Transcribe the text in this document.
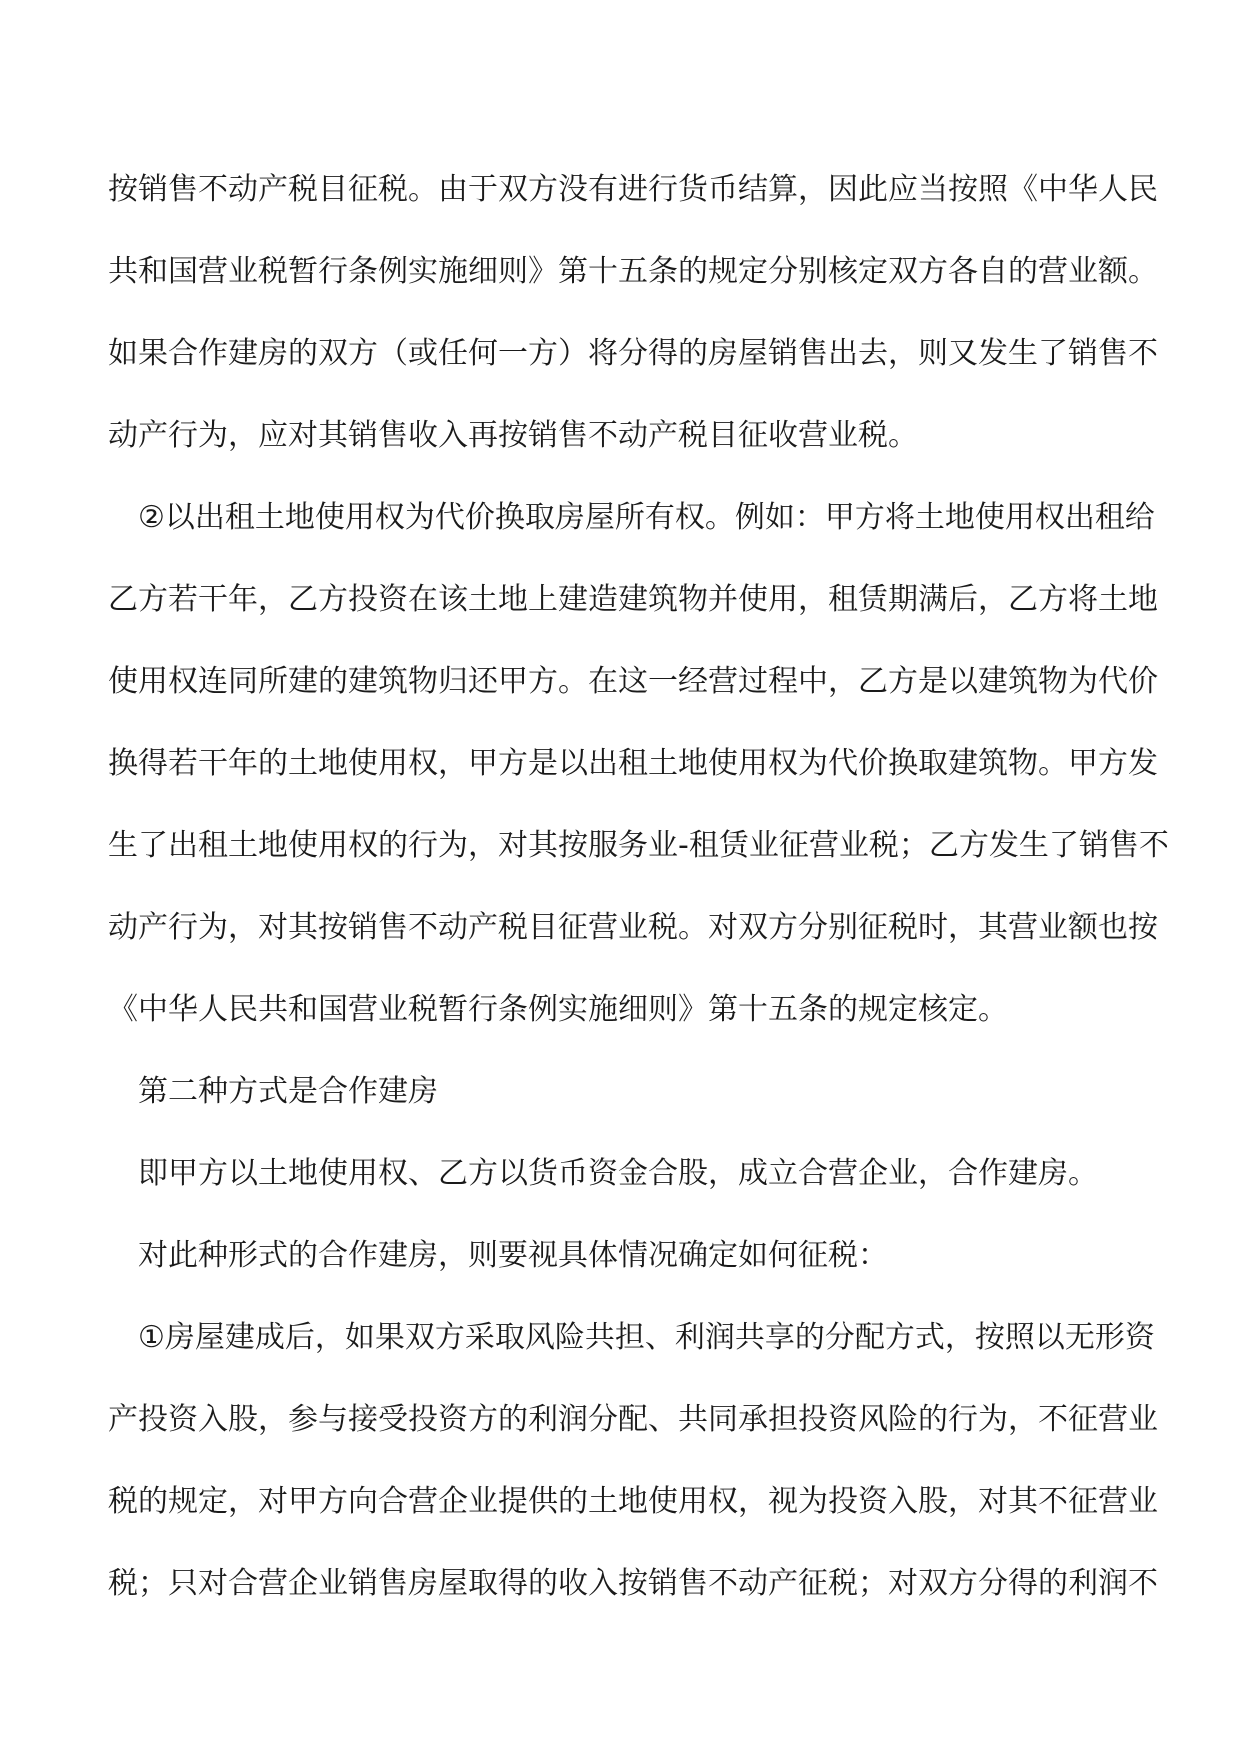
按销售不动产税目征税。由于双方没有进行货币结算，因此应当按照《中华人民
共和国营业税暂行条例实施细则》第十五条的规定分别核定双方各自的营业额。
如果合作建房的双方（或任何一方）将分得的房屋销售出去，则又发生了销售不
动产行为，应对其销售收入再按销售不动产税目征收营业税。
②以出租土地使用权为代价换取房屋所有权。例如：甲方将土地使用权出租给
乙方若干年，乙方投资在该土地上建造建筑物并使用，租赁期满后，乙方将土地
使用权连同所建的建筑物归还甲方。在这一经营过程中，乙方是以建筑物为代价
换得若干年的土地使用权，甲方是以出租土地使用权为代价换取建筑物。甲方发
生了出租土地使用权的行为，对其按服务业-租赁业征营业税；乙方发生了销售不
动产行为，对其按销售不动产税目征营业税。对双方分别征税时，其营业额也按
《中华人民共和国营业税暂行条例实施细则》第十五条的规定核定。
第二种方式是合作建房
即甲方以土地使用权、乙方以货币资金合股，成立合营企业，合作建房。
对此种形式的合作建房，则要视具体情况确定如何征税：
①房屋建成后，如果双方采取风险共担、利润共享的分配方式，按照以无形资
产投资入股，参与接受投资方的利润分配、共同承担投资风险的行为，不征营业
税的规定，对甲方向合营企业提供的土地使用权，视为投资入股，对其不征营业
税；只对合营企业销售房屋取得的收入按销售不动产征税；对双方分得的利润不
